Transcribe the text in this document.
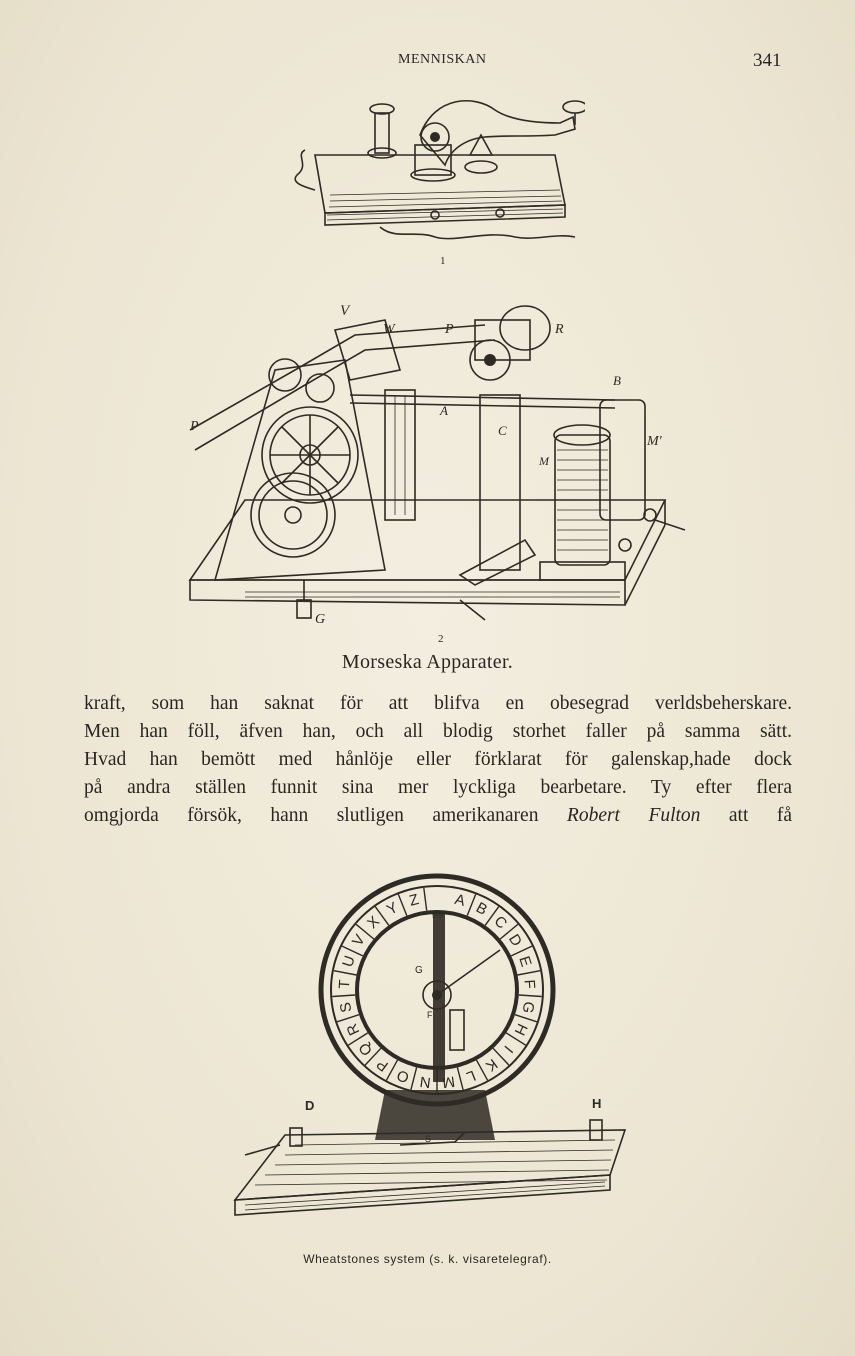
MENNISKAN	341
1
V
W	P	R
B
M'
M
A
C
G
P
2
Morseska Apparater.
kraft, som han saknat för att blifva en obesegrad verldsbeherskare.
Men han föll, äfven han, och all blodig storhet faller på samma sätt.
Hvad han bemött med hånlöje eller förklarat för galenskap,hade dock
på andra ställen funnit sina mer lyckliga bearbetare. Ty efter flera
omgjorda försök, hann slutligen amerikanaren Robert Fulton att få
A B
C
D
E
F
G
H
I
K
L
M
N
O
P
Q
R
S
T
U
V
X
Y Z
5¹5
G
F
D	H
S
Wheatstones system (s. k. visaretelegraf).
